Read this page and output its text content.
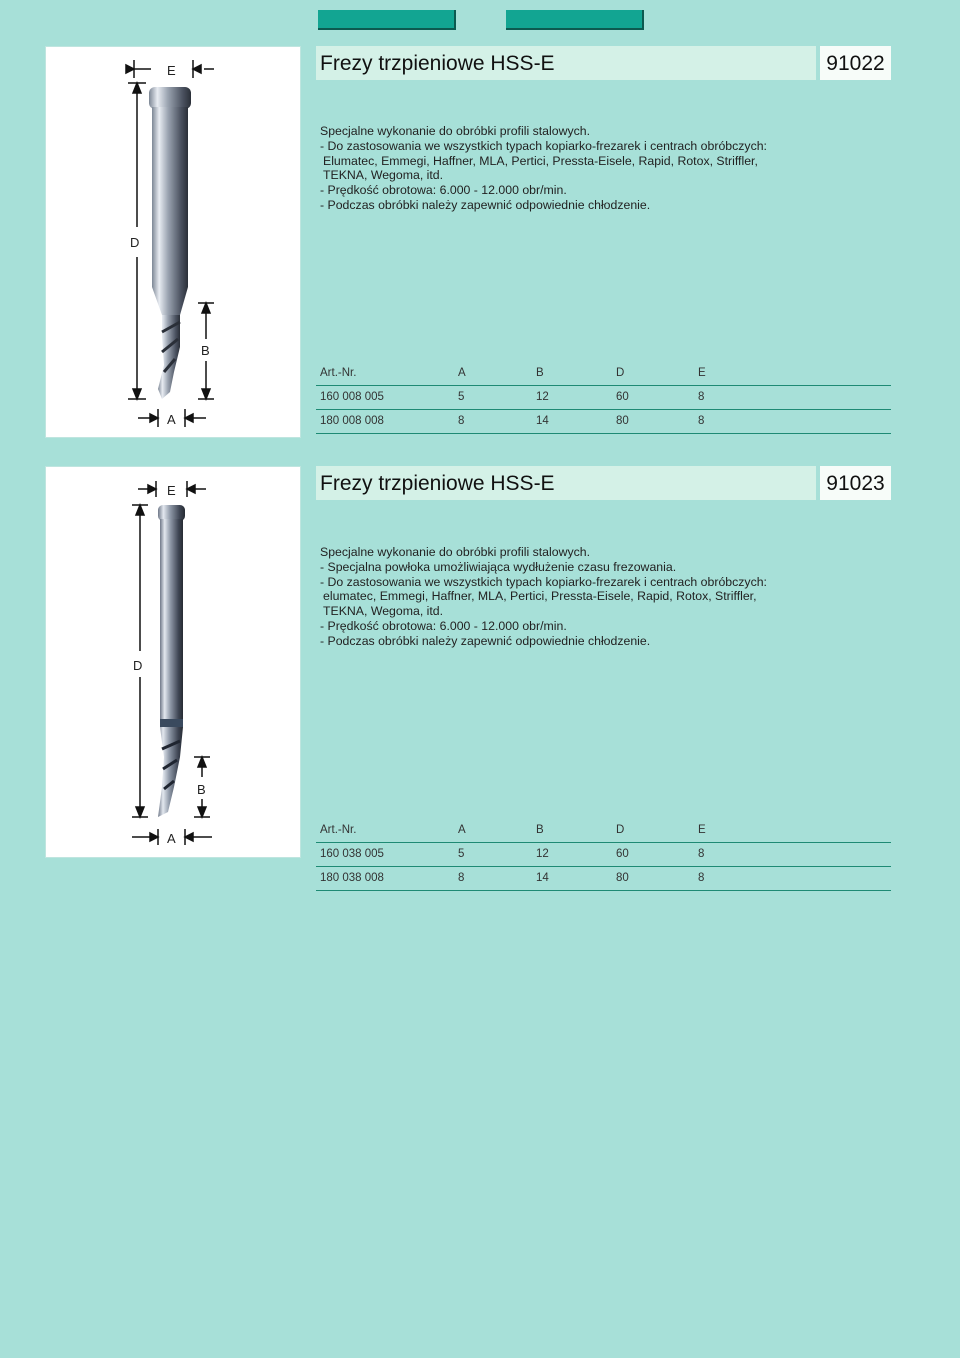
E
D
B
A
Frezy trzpieniowe HSS-E	91022
Specjalne wykonanie do obróbki profili stalowych.
- Do zastosowania we wszystkich typach kopiarko-frezarek i centrach obróbczych:
Elumatec, Emmegi, Haffner, MLA, Pertici, Pressta-Eisele, Rapid, Rotox, Striffler,
TEKNA, Wegoma, itd.
- Prędkość obrotowa: 6.000 - 12.000 obr/min.
- Podczas obróbki należy zapewnić odpowiednie chłodzenie.
Art.-Nr.	A	B	D	E
160 008 005	5	12	60	8
180 008 008	8	14	80	8
E
D
B
A
Frezy trzpieniowe HSS-E	91023
Specjalne wykonanie do obróbki profili stalowych.
- Specjalna powłoka umożliwiająca wydłużenie czasu frezowania.
- Do zastosowania we wszystkich typach kopiarko-frezarek i centrach obróbczych:
elumatec, Emmegi, Haffner, MLA, Pertici, Pressta-Eisele, Rapid, Rotox, Striffler,
TEKNA, Wegoma, itd.
- Prędkość obrotowa: 6.000 - 12.000 obr/min.
- Podczas obróbki należy zapewnić odpowiednie chłodzenie.
Art.-Nr.	A	B	D	E
160 038 005	5	12	60	8
180 038 008	8	14	80	8
